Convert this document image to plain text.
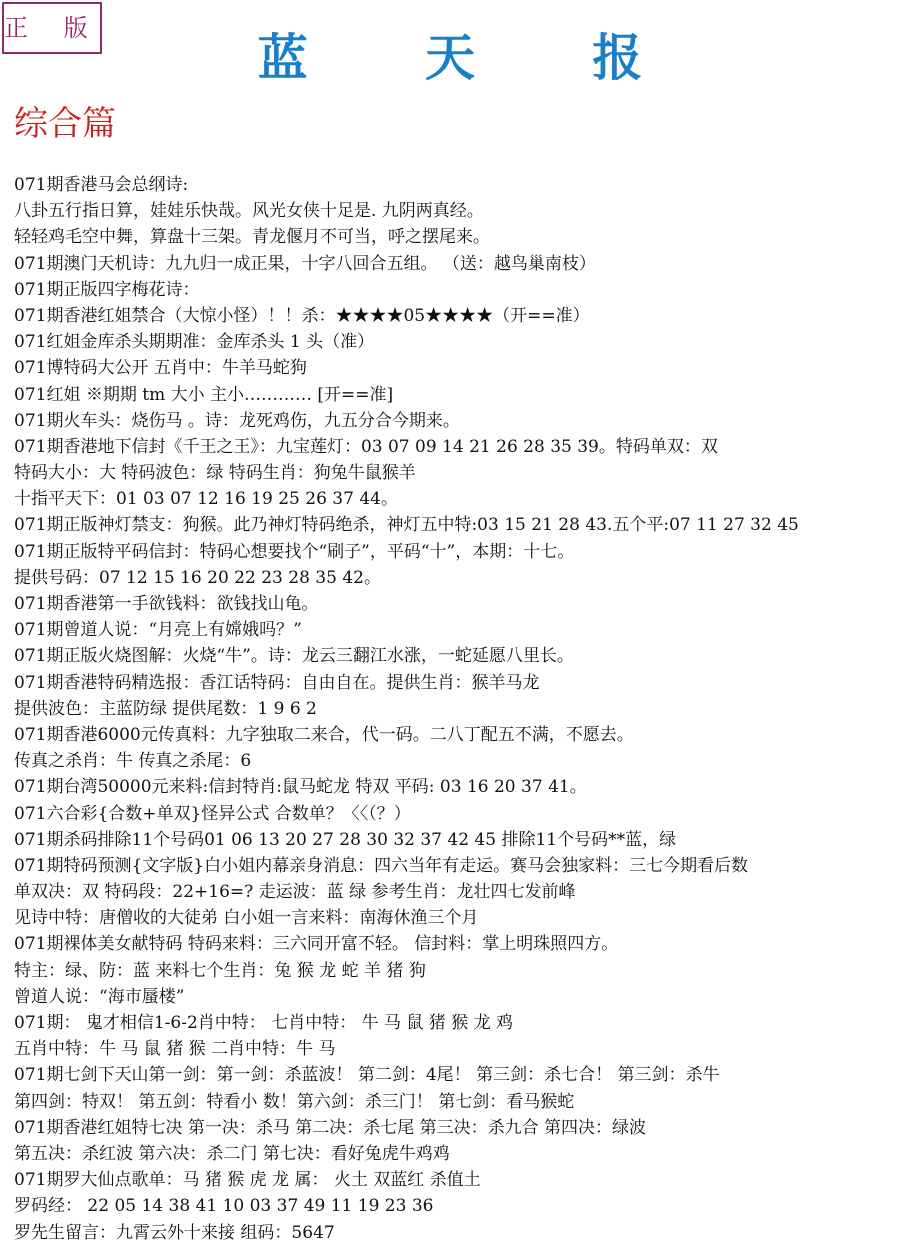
正 版	蓝 天 报
综合篇
071期香港马会总纲诗:
八卦五行指日算，娃娃乐快哉。风光女侠十足是. 九阴两真经。
轻轻鸡毛空中舞，算盘十三架。青龙偃月不可当，呼之摆尾来。
071期澳门天机诗：九九归一成正果，十字八回合五组。 （送：越鸟巢南枝）
071期正版四字梅花诗：
071期香港红姐禁合（大惊小怪）！！杀：★★★★05★★★★（开==准）
071红姐金库杀头期期准：金库杀头 1 头（准）
071博特码大公开 五肖中：牛羊马蛇狗
071红姐 ※期期 tm 大小 主小………… [开==准]
071期火车头：烧伤马 。诗：龙死鸡伤，九五分合今期来。
071期香港地下信封《千王之王》：九宝莲灯：03 07 09 14 21 26 28 35 39。特码单双：双
特码大小：大 特码波色：绿 特码生肖：狗兔牛鼠猴羊
十指平天下：01 03 07 12 16 19 25 26 37 44。
071期正版神灯禁支：狗猴。此乃神灯特码绝杀，神灯五中特:03 15 21 28 43.五个平:07 11 27 32 45
071期正版特平码信封：特码心想要找个“刷子”，平码“十”，本期：十七。
提供号码：07 12 15 16 20 22 23 28 35 42。
071期香港第一手欲钱料：欲钱找山龟。
071期曾道人说：“月亮上有嫦娥吗？”
071期正版火烧图解：火烧“牛”。诗：龙云三翻江水涨，一蛇延愿八里长。
071期香港特码精选报：香江话特码：自由自在。提供生肖：猴羊马龙
提供波色：主蓝防绿 提供尾数：1 9 6 2
071期香港6000元传真料：九字独取二来合，代一码。二八丁配五不满，不愿去。
传真之杀肖：牛 传真之杀尾：6
071期台湾50000元来料:信封特肖:鼠马蛇龙 特双 平码: 03 16 20 37 41。
071六合彩{合数+单双}怪异公式 合数单？〈〈（？）
071期杀码排除11个号码01 06 13 20 27 28 30 32 37 42 45 排除11个号码**蓝，绿
071期特码预测{文字版}白小姐内幕亲身消息：四六当年有走运。赛马会独家料：三七今期看后数
单双决：双 特码段：22+16=? 走运波：蓝 绿 参考生肖：龙壮四七发前峰
见诗中特：唐僧收的大徒弟 白小姐一言来料：南海休渔三个月
071期裸体美女献特码 特码来料：三六同开富不轻。 信封料：掌上明珠照四方。
特主：绿、防：蓝 来料七个生肖：兔 猴 龙 蛇 羊 猪 狗
曾道人说：“海市蜃楼”
071期： 鬼才相信1-6-2肖中特： 七肖中特： 牛 马 鼠 猪 猴 龙 鸡
五肖中特：牛 马 鼠 猪 猴 二肖中特：牛 马
071期七剑下天山第一剑：第一剑：杀蓝波！ 第二剑：4尾！ 第三剑：杀七合！ 第三剑：杀牛
第四剑：特双！ 第五剑：特看小 数！第六剑：杀三门！ 第七剑：看马猴蛇
071期香港红姐特七决 第一决：杀马 第二决：杀七尾 第三决：杀九合 第四决：绿波
第五决：杀红波 第六决：杀二门 第七决：看好兔虎牛鸡鸡
071期罗大仙点歌单：马 猪 猴 虎 龙 属： 火土 双蓝红 杀值土
罗码经： 22 05 14 38 41 10 03 37 49 11 19 23 36
罗先生留言：九霄云外十来接 组码：5647
